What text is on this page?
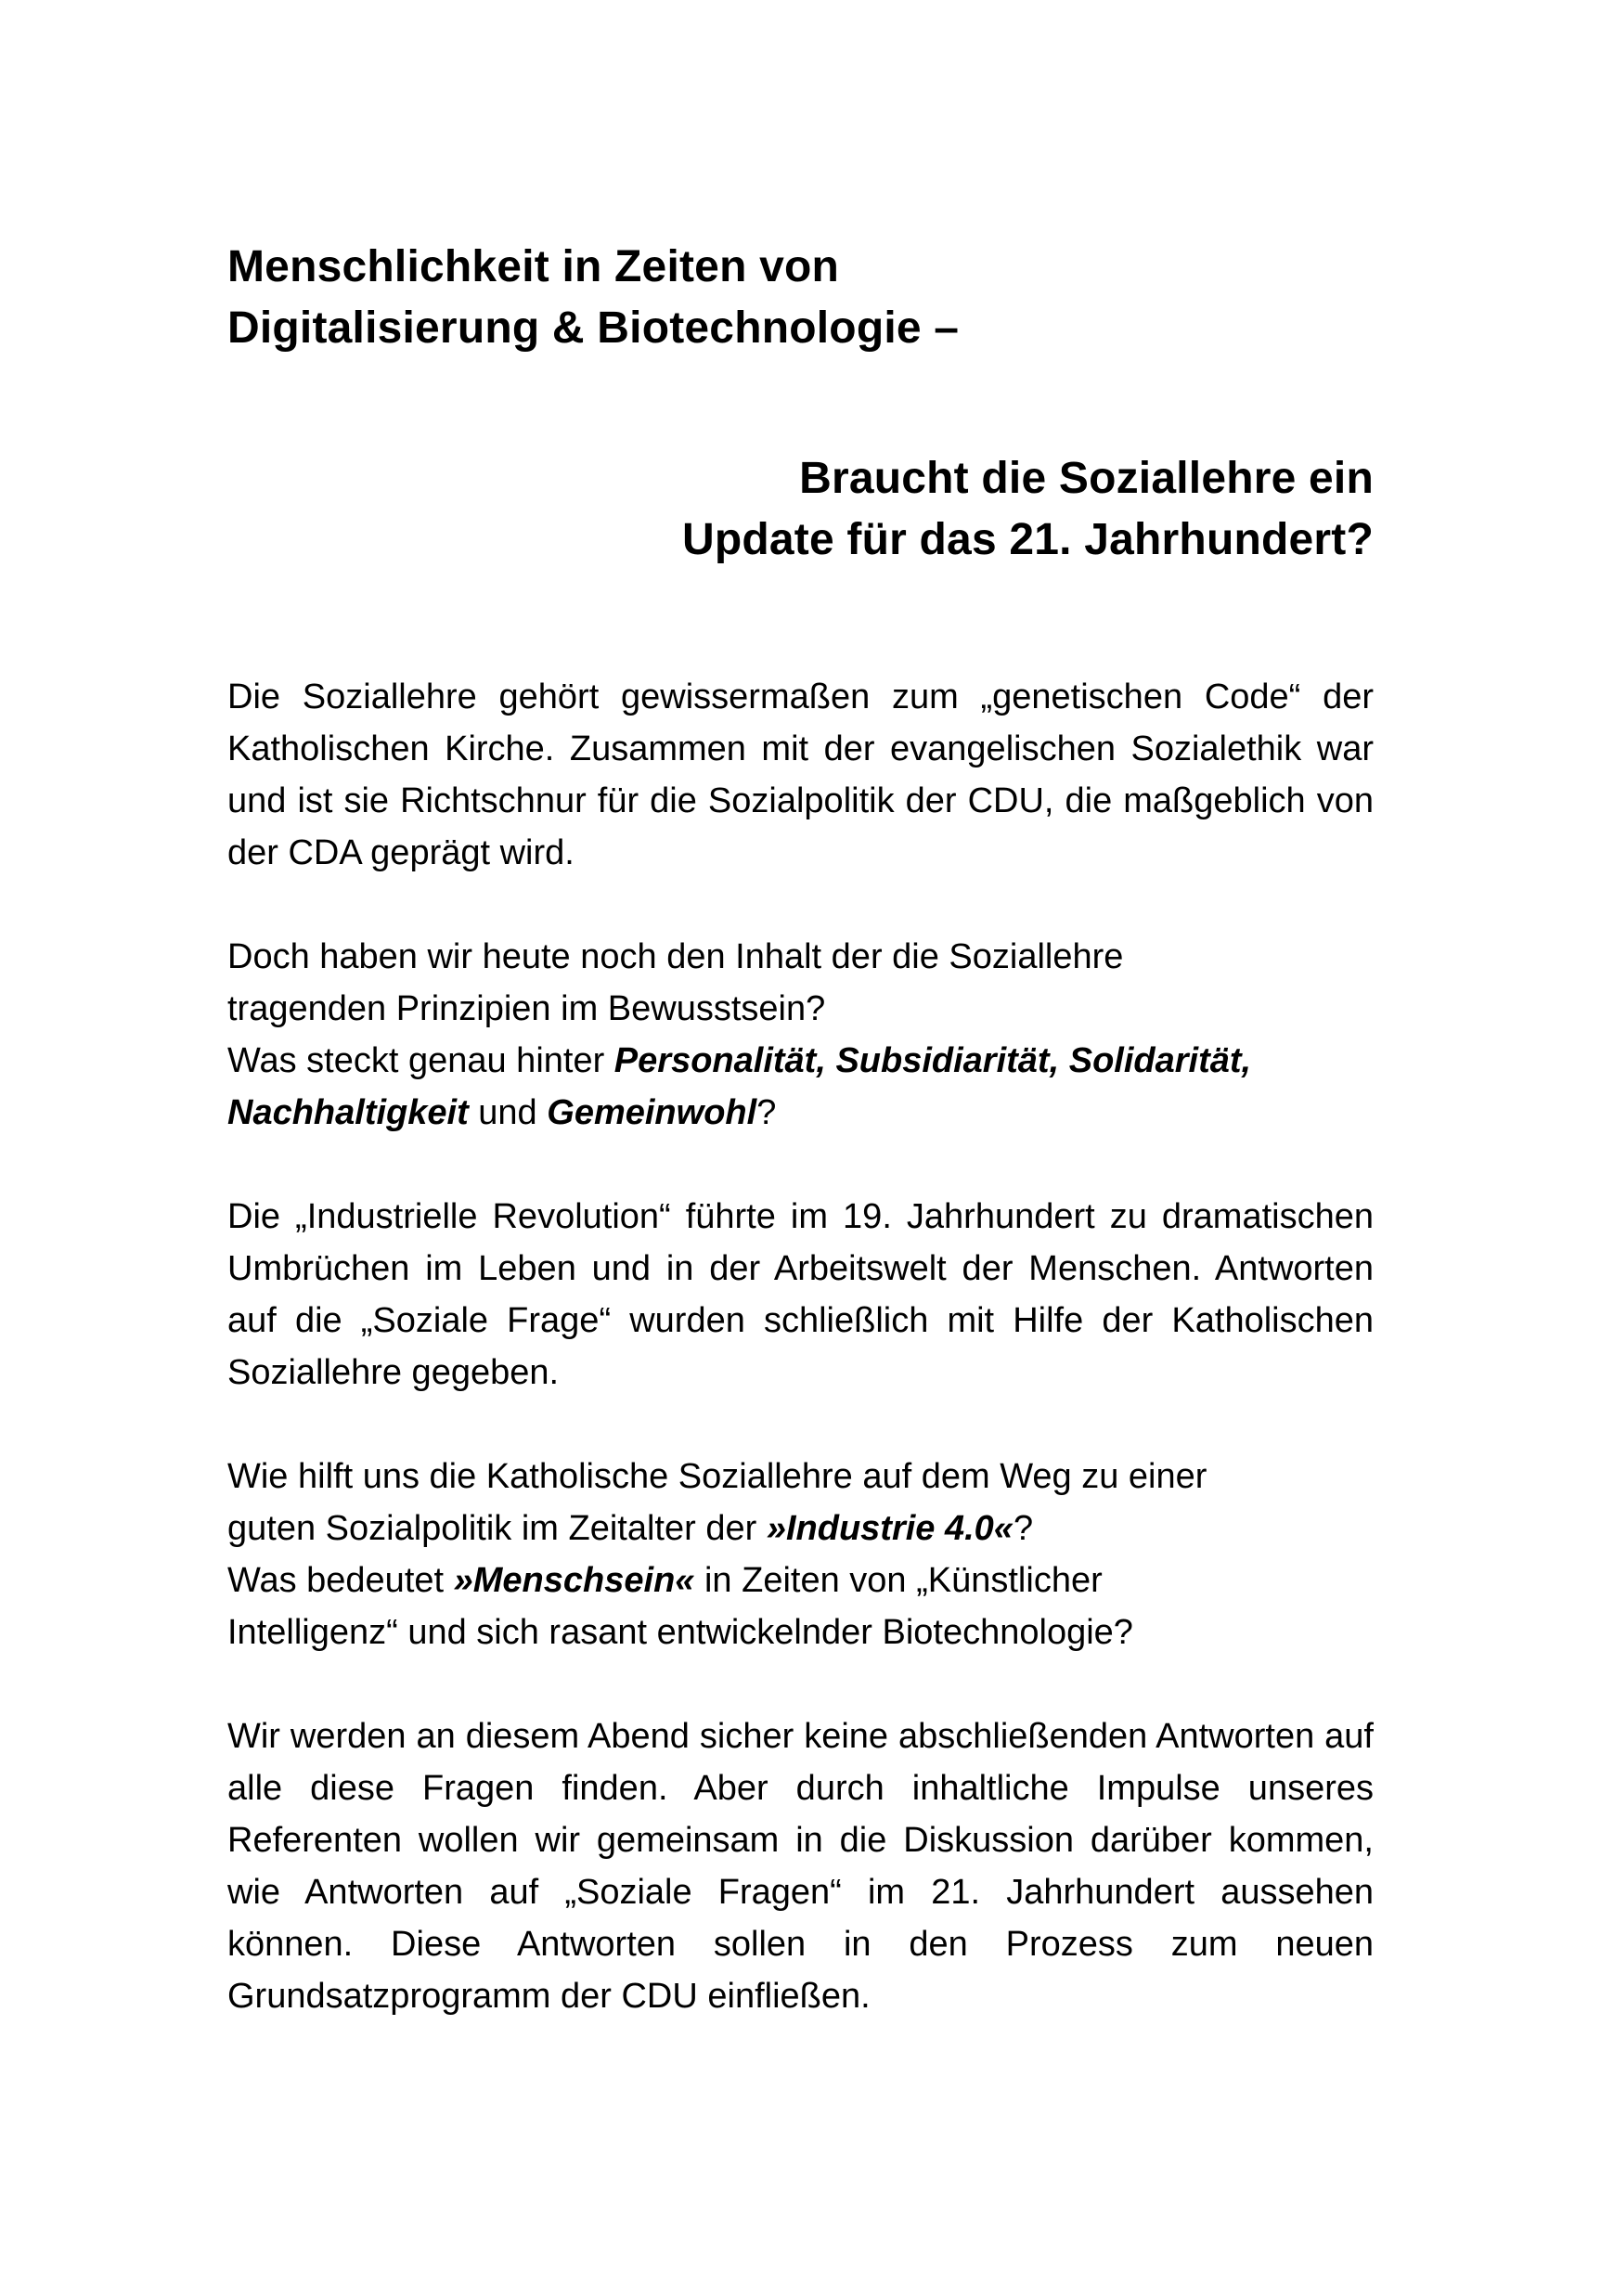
Menschlichkeit in Zeiten von
Digitalisierung & Biotechnologie –
Braucht die Soziallehre ein
Update für das 21. Jahrhundert?

Die Soziallehre gehört gewissermaßen zum „genetischen Code“ der Katholischen Kirche. Zusammen mit der evangelischen Sozialethik war und ist sie Richtschnur für die Sozialpolitik der CDU, die maßgeblich von der CDA geprägt wird.

Doch haben wir heute noch den Inhalt der die Soziallehre
tragenden Prinzipien im Bewusstsein?
Was steckt genau hinter Personalität, Subsidiarität, Solidarität,
Nachhaltigkeit und Gemeinwohl?

Die „Industrielle Revolution“ führte im 19. Jahrhundert zu dramatischen Umbrüchen im Leben und in der Arbeitswelt der Menschen. Antworten auf die „Soziale Frage“ wurden schließlich mit Hilfe der Katholischen Soziallehre gegeben.

Wie hilft uns die Katholische Soziallehre auf dem Weg zu einer
guten Sozialpolitik im Zeitalter der »Industrie 4.0«?
Was bedeutet »Menschsein« in Zeiten von „Künstlicher
Intelligenz“ und sich rasant entwickelnder Biotechnologie?

Wir werden an diesem Abend sicher keine abschließenden Antworten auf alle diese Fragen finden. Aber durch inhaltliche Impulse unseres Referenten wollen wir gemeinsam in die Diskussion darüber kommen, wie Antworten auf „Soziale Fragen“ im 21. Jahrhundert aussehen können. Diese Antworten sollen in den Prozess zum neuen Grundsatzprogramm der CDU einfließen.
